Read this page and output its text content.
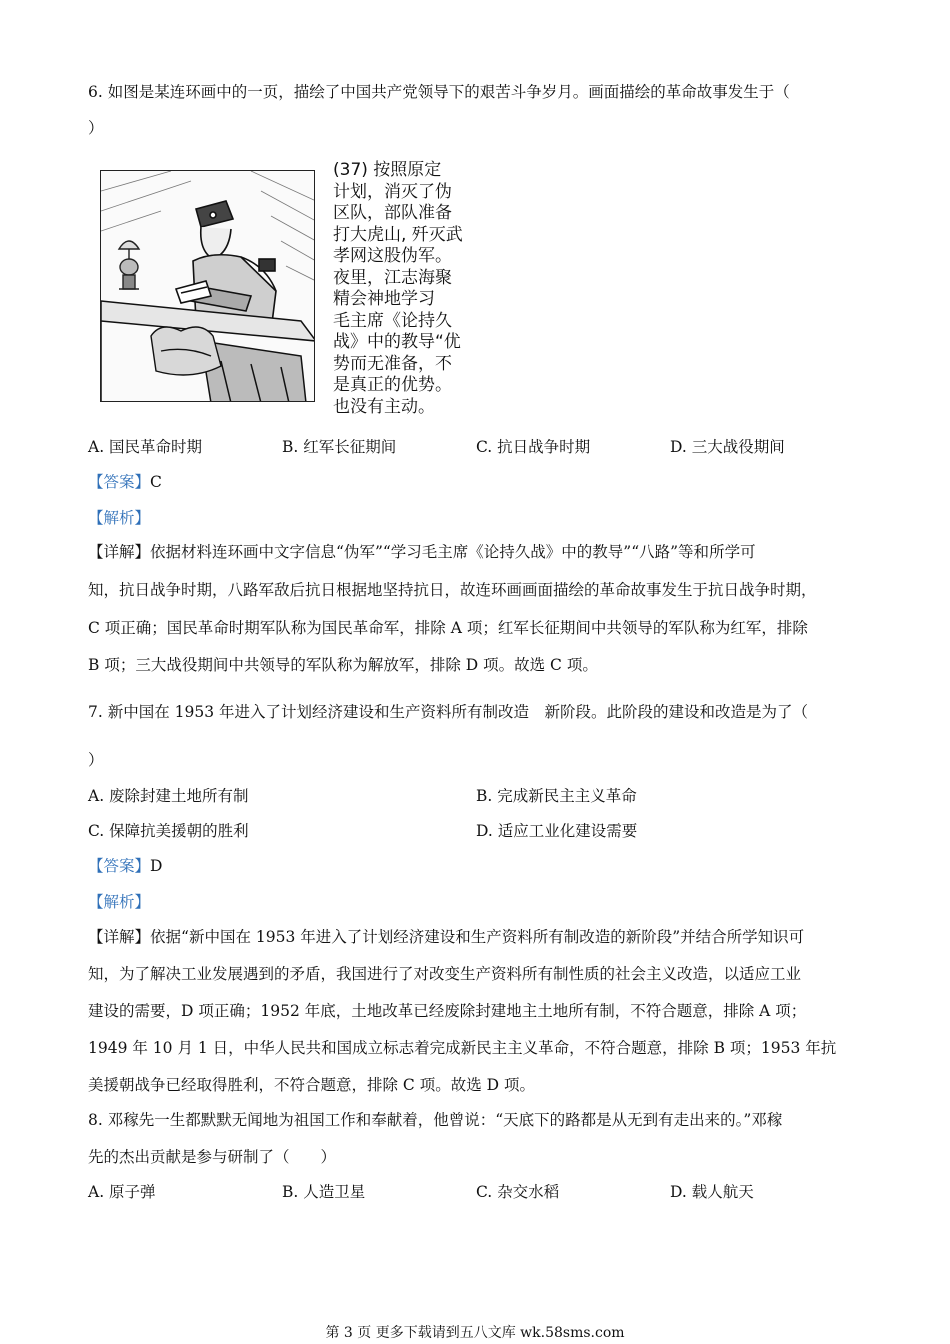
6. 如图是某连环画中的一页，描绘了中国共产党领导下的艰苦斗争岁月。画面描绘的革命故事发生于（
）
(37) 按照原定
计划，消灭了伪
区队，部队准备
打大虎山, 歼灭武
孝网这股伪军。
夜里，江志海聚
精会神地学习
毛主席《论持久
战》中的教导“优
势而无准备，不
是真正的优势。
也没有主动。
A. 国民革命时期	B. 红军长征期间	C. 抗日战争时期	D. 三大战役期间
【答案】C
【解析】
【详解】依据材料连环画中文字信息“伪军”“学习毛主席《论持久战》中的教导”“八路”等和所学可
知，抗日战争时期，八路军敌后抗日根据地坚持抗日，故连环画画面描绘的革命故事发生于抗日战争时期，
C 项正确；国民革命时期军队称为国民革命军，排除 A 项；红军长征期间中共领导的军队称为红军，排除
B 项；三大战役期间中共领导的军队称为解放军，排除 D 项。故选 C 项。
7. 新中国在 1953 年进入了计划经济建设和生产资料所有制改造　新阶段。此阶段的建设和改造是为了（
）
A. 废除封建土地所有制	B. 完成新民主主义革命
C. 保障抗美援朝的胜利	D. 适应工业化建设需要
【答案】D
【解析】
【详解】依据“新中国在 1953 年进入了计划经济建设和生产资料所有制改造的新阶段”并结合所学知识可
知，为了解决工业发展遇到的矛盾，我国进行了对改变生产资料所有制性质的社会主义改造，以适应工业
建设的需要，D 项正确；1952 年底，土地改革已经废除封建地主土地所有制，不符合题意，排除 A 项；
1949 年 10 月 1 日，中华人民共和国成立标志着完成新民主主义革命，不符合题意，排除 B 项；1953 年抗
美援朝战争已经取得胜利，不符合题意，排除 C 项。故选 D 项。
8. 邓稼先一生都默默无闻地为祖国工作和奉献着，他曾说：“天底下的路都是从无到有走出来的。”邓稼
先的杰出贡献是参与研制了（　　）
A. 原子弹	B. 人造卫星	C. 杂交水稻	D. 载人航天
第 3 页 更多下载请到五八文库 wk.58sms.com
